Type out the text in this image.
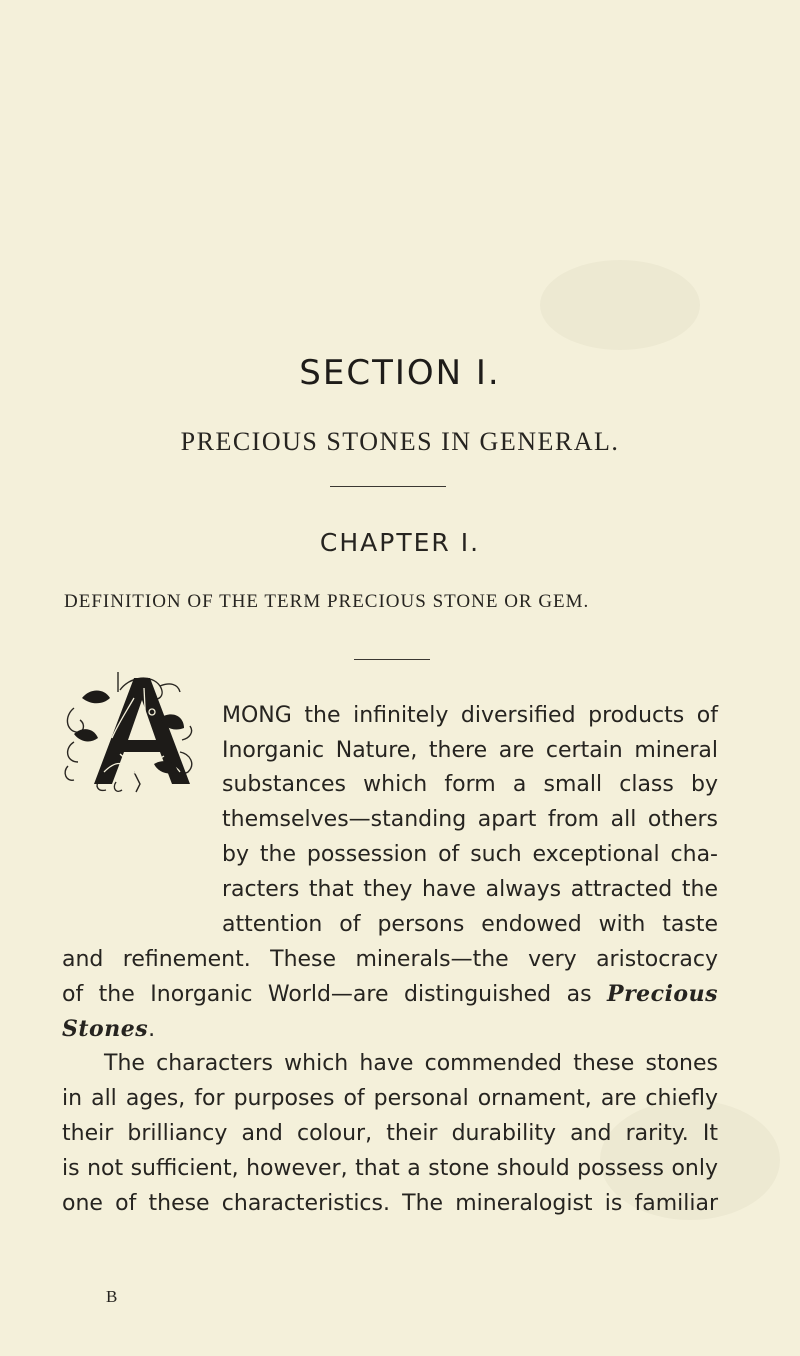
SECTION I.
PRECIOUS STONES IN GENERAL.
CHAPTER I.
DEFINITION OF THE TERM PRECIOUS STONE OR GEM.
MONG the infinitely diversified products of
Inorganic Nature, there are certain mineral
substances which form a small class by
themselves—standing apart from all others
by the possession of such exceptional cha-
racters that they have always attracted the
attention of persons endowed with taste
and refinement. These minerals—the very aristocracy
of the Inorganic World—are distinguished as Precious
Stones.
The characters which have commended these stones
in all ages, for purposes of personal ornament, are chiefly
their brilliancy and colour, their durability and rarity. It
is not sufficient, however, that a stone should possess only
one of these characteristics. The mineralogist is familiar
B
